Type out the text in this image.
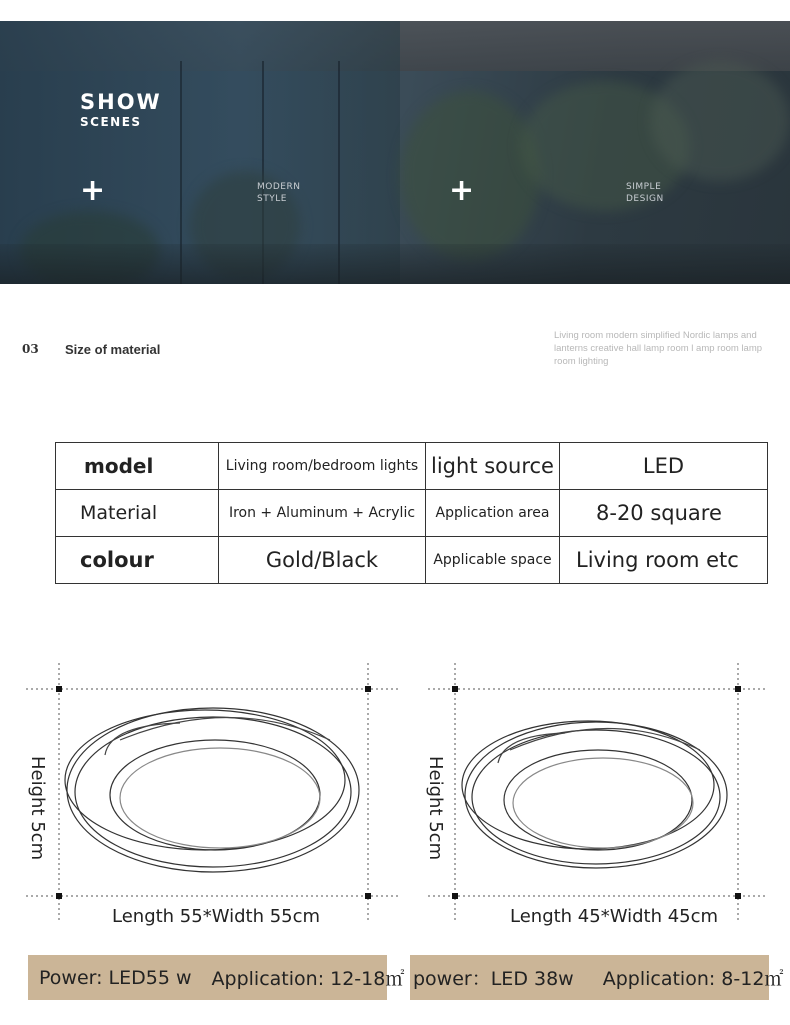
SHOW
SCENES
+	MODERN
STYLE	+	SIMPLE
DESIGN
03 Size of material
Living room modern simplified Nordic lamps and lanterns creative hall lamp room l amp room lamp room lighting
model	Living room/bedroom lights	light source	LED
Material	Iron + Aluminum + Acrylic	Application area	8-20 square
colour	Gold/Black	Applicable space	Living room etc
Height 5cm
Length 55*Width 55cm
Height 5cm
Length 45*Width 45cm
Power: LED55 w Application: 12-18㎡ power：LED 38w Application: 8-12㎡
